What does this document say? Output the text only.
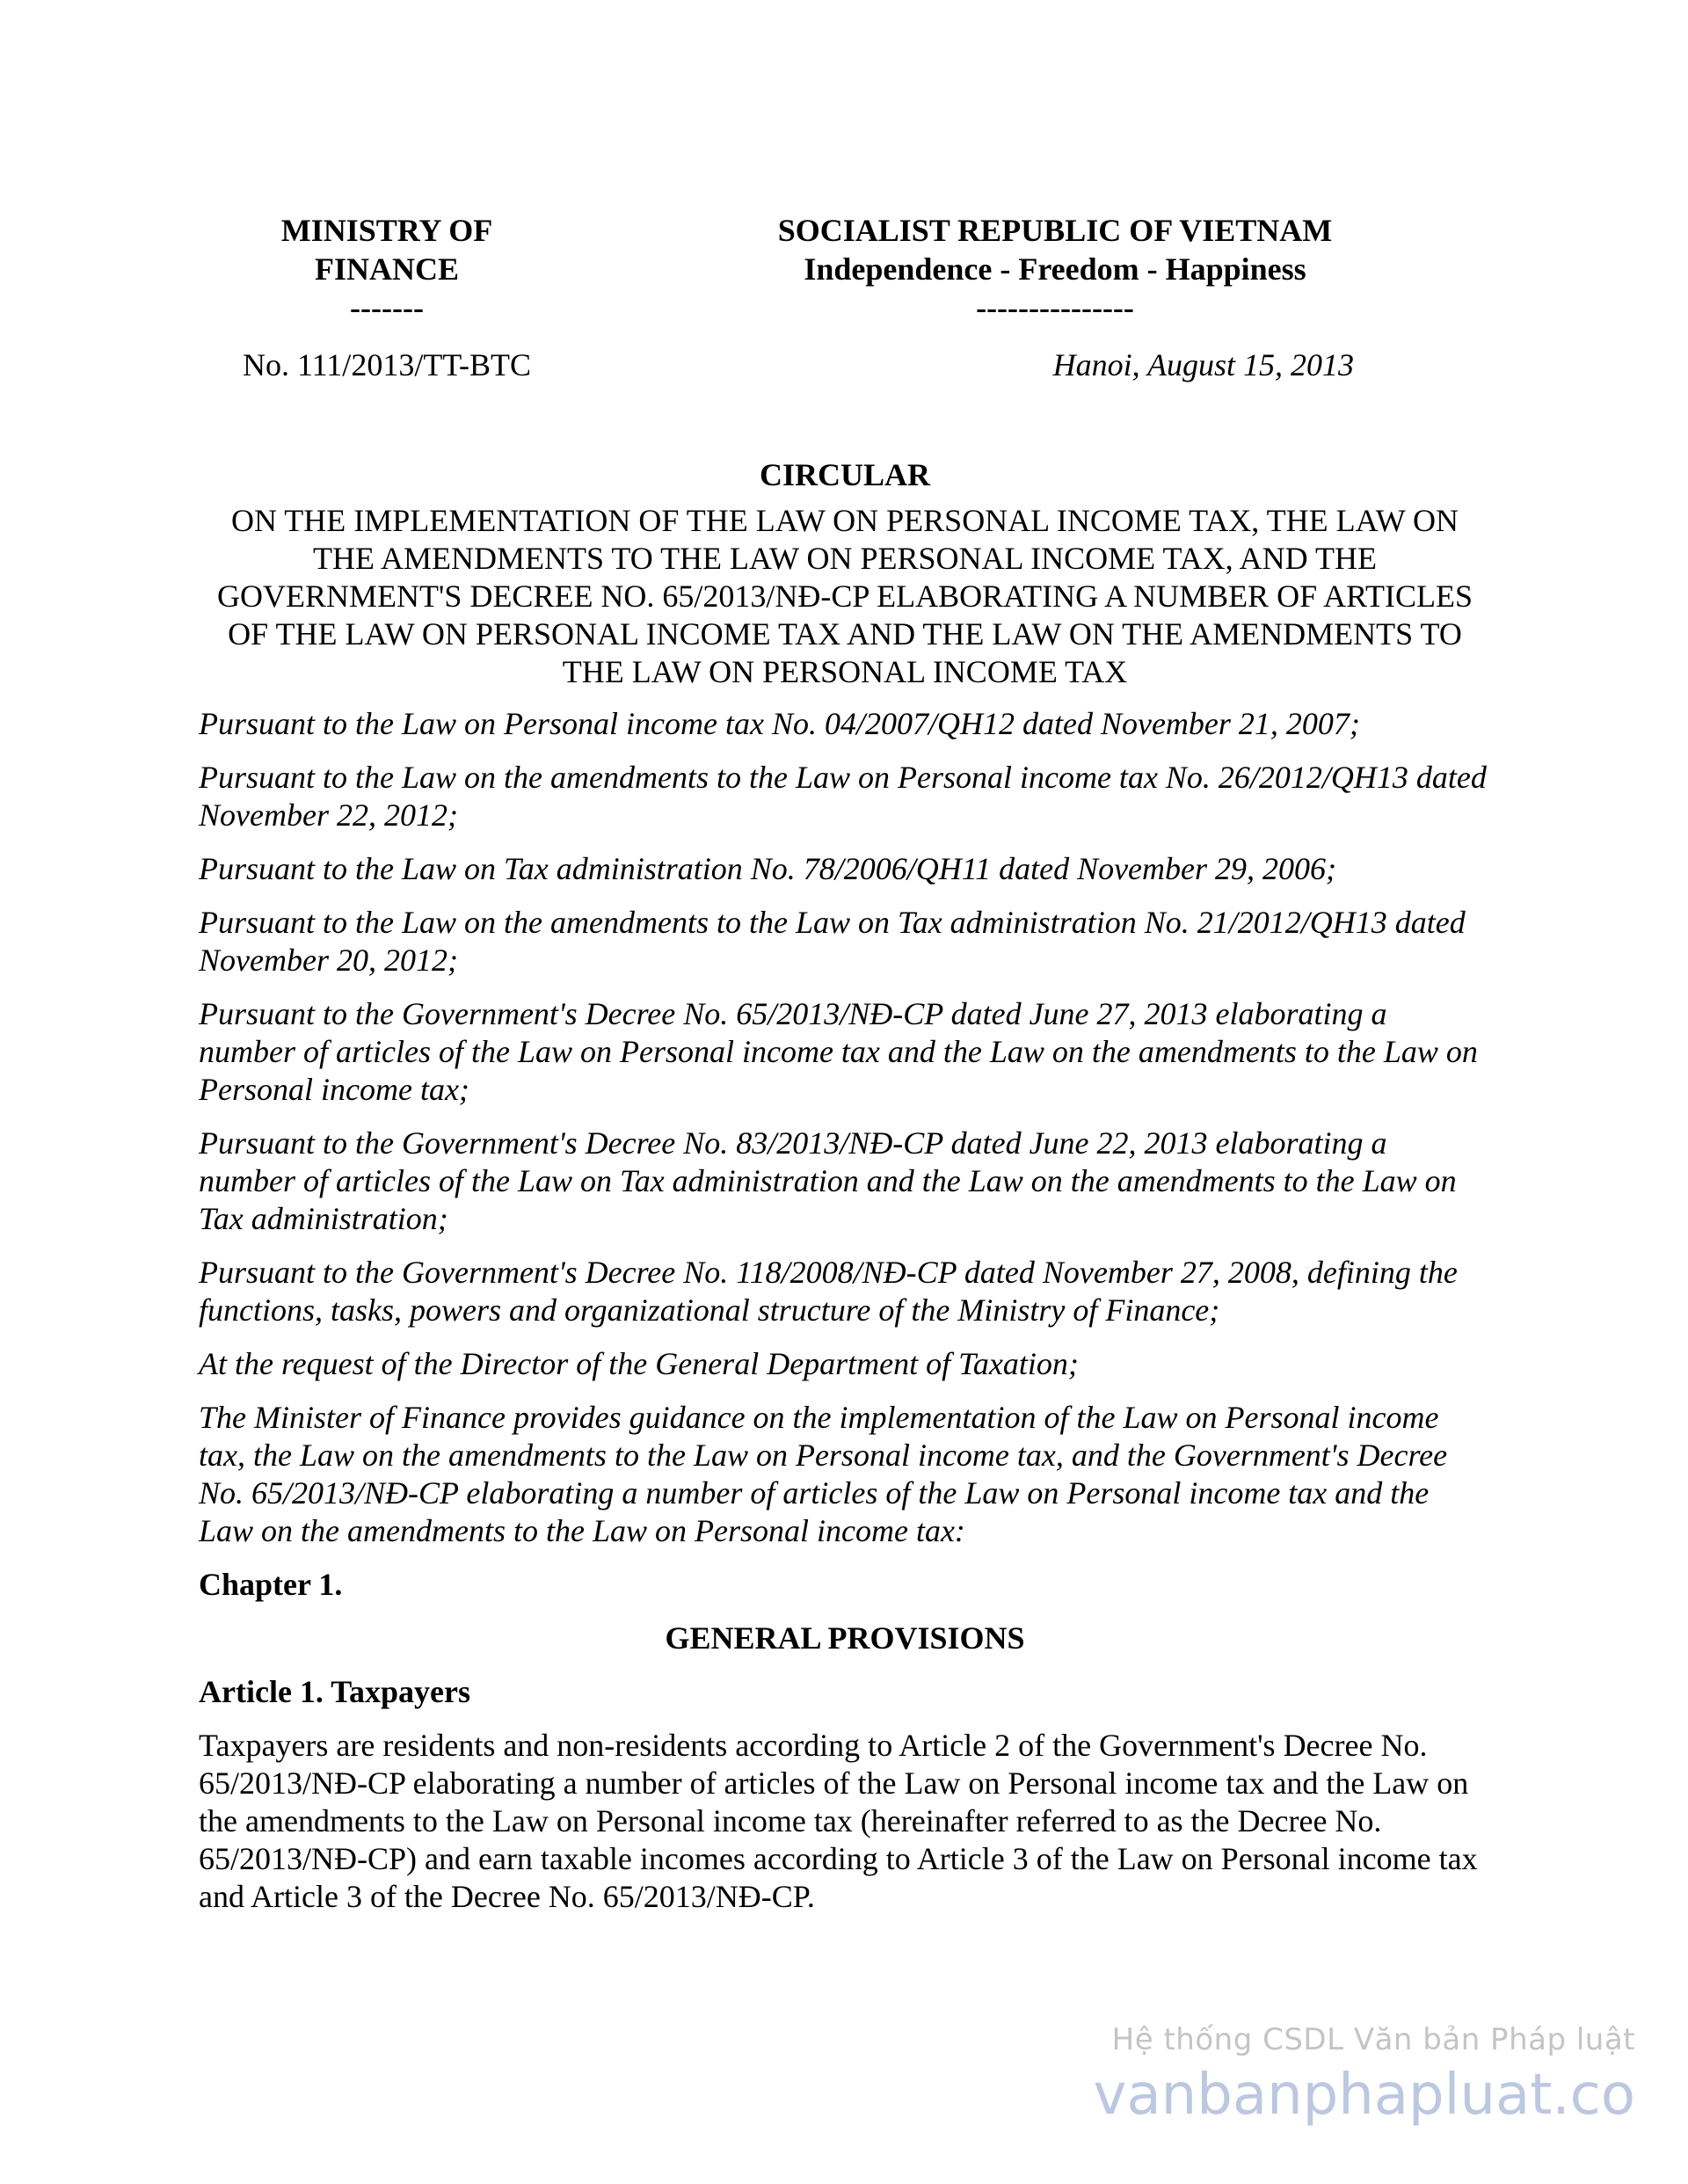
MINISTRY OF
FINANCE
-------
SOCIALIST REPUBLIC OF VIETNAM
Independence - Freedom - Happiness
---------------
No. 111/2013/TT-BTC	Hanoi, August 15, 2013

CIRCULAR

ON THE IMPLEMENTATION OF THE LAW ON PERSONAL INCOME TAX, THE LAW ON THE AMENDMENTS TO THE LAW ON PERSONAL INCOME TAX, AND THE GOVERNMENT'S DECREE NO. 65/2013/NĐ-CP ELABORATING A NUMBER OF ARTICLES OF THE LAW ON PERSONAL INCOME TAX AND THE LAW ON THE AMENDMENTS TO THE LAW ON PERSONAL INCOME TAX

Pursuant to the Law on Personal income tax No. 04/2007/QH12 dated November 21, 2007;

Pursuant to the Law on the amendments to the Law on Personal income tax No. 26/2012/QH13 dated November 22, 2012;

Pursuant to the Law on Tax administration No. 78/2006/QH11 dated November 29, 2006;

Pursuant to the Law on the amendments to the Law on Tax administration No. 21/2012/QH13 dated November 20, 2012;

Pursuant to the Government's Decree No. 65/2013/NĐ-CP dated June 27, 2013 elaborating a number of articles of the Law on Personal income tax and the Law on the amendments to the Law on Personal income tax;

Pursuant to the Government's Decree No. 83/2013/NĐ-CP dated June 22, 2013 elaborating a number of articles of the Law on Tax administration and the Law on the amendments to the Law on Tax administration;

Pursuant to the Government's Decree No. 118/2008/NĐ-CP dated November 27, 2008, defining the functions, tasks, powers and organizational structure of the Ministry of Finance;

At the request of the Director of the General Department of Taxation;

The Minister of Finance provides guidance on the implementation of the Law on Personal income tax, the Law on the amendments to the Law on Personal income tax, and the Government's Decree No. 65/2013/NĐ-CP elaborating a number of articles of the Law on Personal income tax and the Law on the amendments to the Law on Personal income tax:

Chapter 1.

GENERAL PROVISIONS

Article 1. Taxpayers

Taxpayers are residents and non-residents according to Article 2 of the Government's Decree No. 65/2013/NĐ-CP elaborating a number of articles of the Law on Personal income tax and the Law on the amendments to the Law on Personal income tax (hereinafter referred to as the Decree No. 65/2013/NĐ-CP) and earn taxable incomes according to Article 3 of the Law on Personal income tax and Article 3 of the Decree No. 65/2013/NĐ-CP.

Hệ thống CSDL Văn bản Pháp luật
vanbanphapluat.co
